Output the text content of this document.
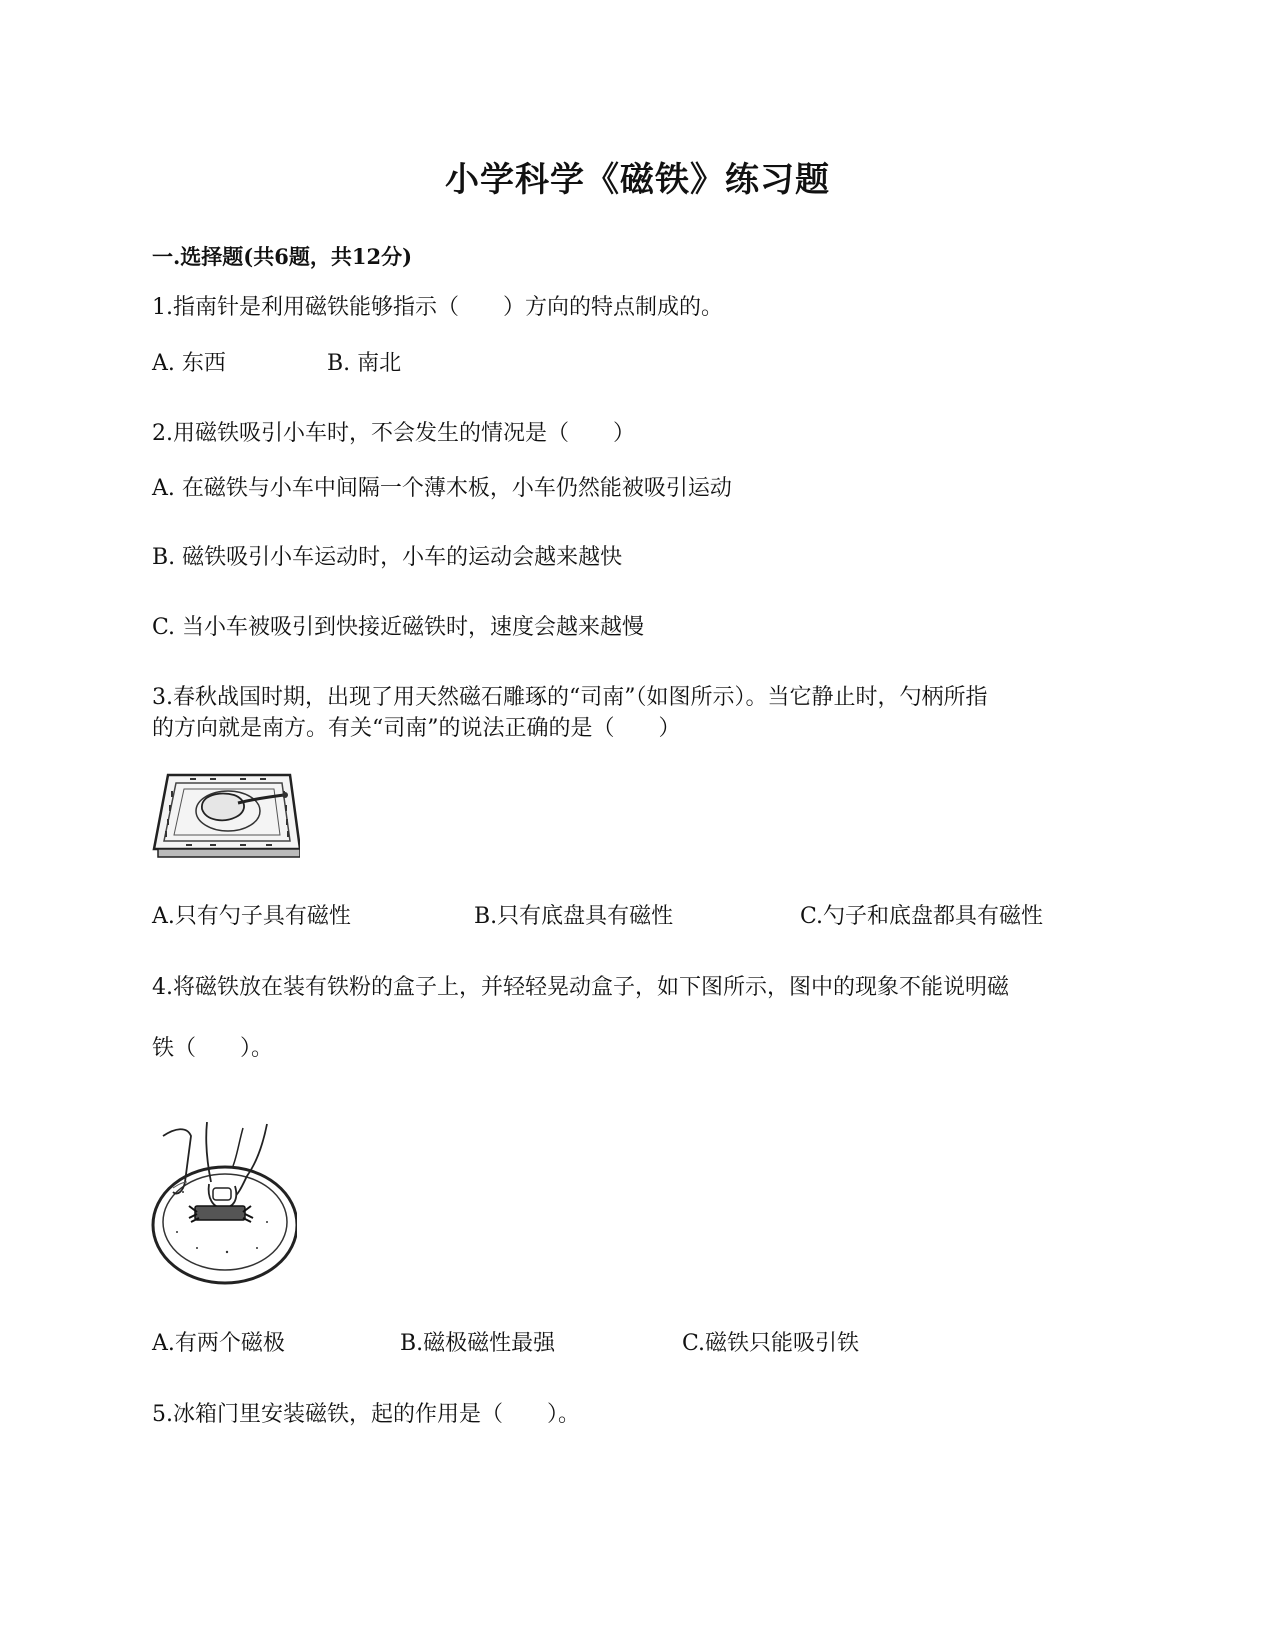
小学科学《磁铁》练习题
一.选择题(共6题，共12分)
1.指南针是利用磁铁能够指示（　　）方向的特点制成的。
A. 东西	B. 南北
2.用磁铁吸引小车时，不会发生的情况是（　　）
A. 在磁铁与小车中间隔一个薄木板，小车仍然能被吸引运动
B. 磁铁吸引小车运动时，小车的运动会越来越快
C. 当小车被吸引到快接近磁铁时，速度会越来越慢
3.春秋战国时期，出现了用天然磁石雕琢的“司南”（如图所示）。当它静止时，勺柄所指
的方向就是南方。有关“司南”的说法正确的是（　　）
A.只有勺子具有磁性	B.只有底盘具有磁性	C.勺子和底盘都具有磁性
4.将磁铁放在装有铁粉的盒子上，并轻轻晃动盒子，如下图所示，图中的现象不能说明磁
铁（　　）。
A.有两个磁极	B.磁极磁性最强	C.磁铁只能吸引铁
5.冰箱门里安装磁铁，起的作用是（　　）。
